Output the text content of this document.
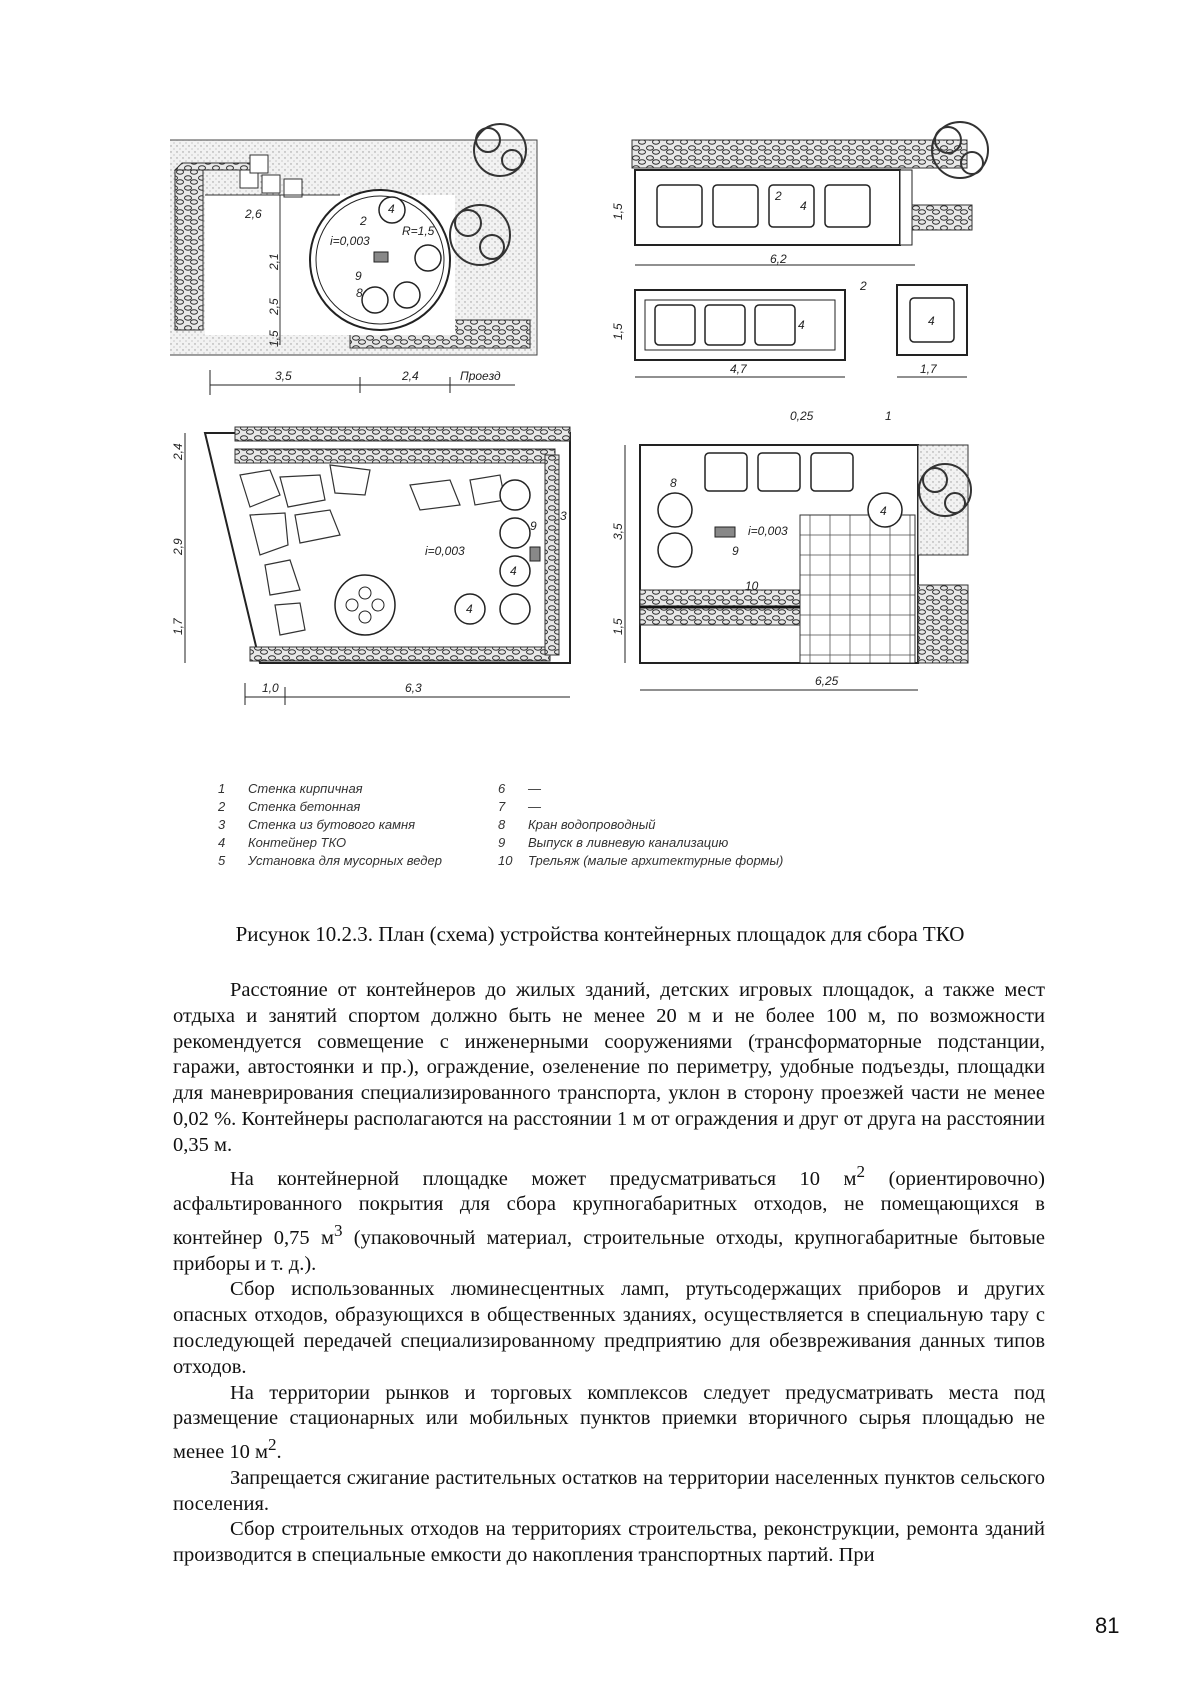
3,5	2,4	Проезд
2,6
2,1
2,5
1,5
i=0,003
R=1,5
4
2
9
8
6,2
1,5
2
4
4,7	1,7
1,5	4	4
2
i=0,003
4
4
3
9
2,4
2,9
1,7
1,0	6,3
4
i=0,003
9
8
10
0,25	1
3,5
1,5
6,25
1 Стенка кирпичная
2 Стенка бетонная
3 Стенка из бутового камня
4 Контейнер ТКО
5 Установка для мусорных ведер
6 —
7 —
8 Кран водопроводный
9 Выпуск в ливневую канализацию
10 Трельяж (малые архитектурные формы)
Рисунок 10.2.3. План (схема) устройства контейнерных площадок для сбора ТКО

Расстояние от контейнеров до жилых зданий, детских игровых площадок, а также мест отдыха и занятий спортом должно быть не менее 20 м и не более 100 м, по возможности рекомендуется совмещение с инженерными сооружениями (трансформаторные подстанции, гаражи, автостоянки и пр.), ограждение, озеленение по периметру, удобные подъезды, площадки для маневрирования специализированного транспорта, уклон в сторону проезжей части не менее 0,02 %. Контейнеры располагаются на расстоянии 1 м от ограждения и друг от друга на расстоянии 0,35 м.

На контейнерной площадке может предусматриваться 10 $м^2$ (ориентировочно) асфальтированного покрытия для сбора крупногабаритных отходов, не помещающихся в контейнер 0,75 $м^3$ (упаковочный материал, строительные отходы, крупногабаритные бытовые приборы и т. д.).

Сбор использованных люминесцентных ламп, ртутьсодержащих приборов и других опасных отходов, образующихся в общественных зданиях, осуществляется в специальную тару с последующей передачей специализированному предприятию для обезвреживания данных типов отходов.

На территории рынков и торговых комплексов следует предусматривать места под размещение стационарных или мобильных пунктов приемки вторичного сырья площадью не менее 10 $м^2$.

Запрещается сжигание растительных остатков на территории населенных пунктов сельского поселения.

Сбор строительных отходов на территориях строительства, реконструкции, ремонта зданий производится в специальные емкости до накопления транспортных партий. При

81
